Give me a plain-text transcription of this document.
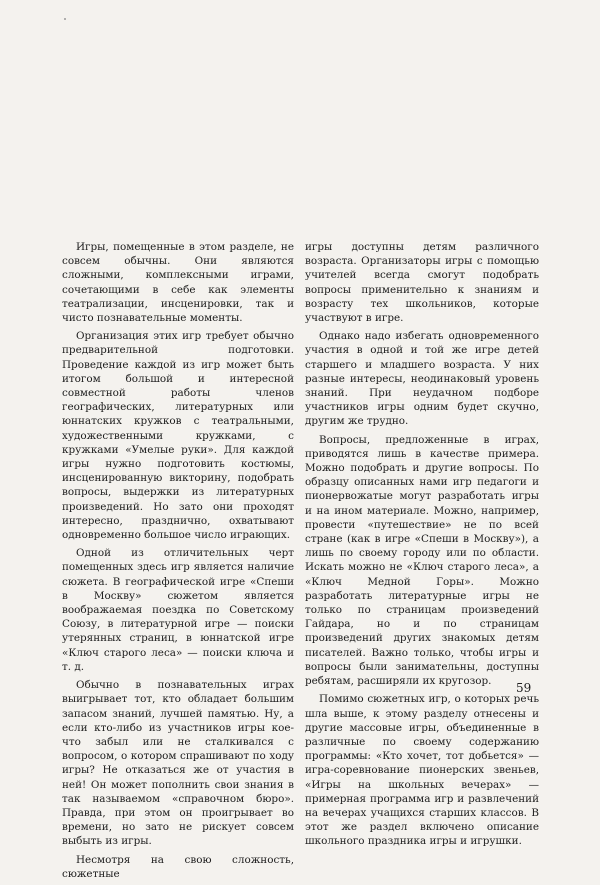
Игры, помещенные в этом разделе, не совсем обычны. Они являются сложными, комплексными играми, сочетающими в себе как элементы театрализации, инсценировки, так и чисто познавательные моменты.

Организация этих игр требует обычно предварительной подготовки. Проведение каждой из игр может быть итогом большой и интересной совместной работы членов географических, литературных или юннатских кружков с театральными, художественными кружками, с кружками «Умелые руки». Для каждой игры нужно подготовить костюмы, инсценированную викторину, подобрать вопросы, выдержки из литературных произведений. Но зато они проходят интересно, празднично, охватывают одновременно большое число играющих.

Одной из отличительных черт помещенных здесь игр является наличие сюжета. В географической игре «Спеши в Москву» сюжетом является воображаемая поездка по Советскому Союзу, в литературной игре — поиски утерянных страниц, в юннатской игре «Ключ старого леса» — поиски ключа и т. д.

Обычно в познавательных играх выигрывает тот, кто обладает большим запасом знаний, лучшей памятью. Ну, а если кто-либо из участников игры кое-что забыл или не сталкивался с вопросом, о котором спрашивают по ходу игры? Не отказаться же от участия в ней! Он может пополнить свои знания в так называемом «справочном бюро». Правда, при этом он проигрывает во времени, но зато не рискует совсем выбыть из игры.

Несмотря на свою сложность, сюжетные

игры доступны детям различного возраста. Организаторы игры с помощью учителей всегда смогут подобрать вопросы применительно к знаниям и возрасту тех школьников, которые участвуют в игре.

Однако надо избегать одновременного участия в одной и той же игре детей старшего и младшего возраста. У них разные интересы, неодинаковый уровень знаний. При неудачном подборе участников игры одним будет скучно, другим же трудно.

Вопросы, предложенные в играх, приводятся лишь в качестве примера. Можно подобрать и другие вопросы. По образцу описанных нами игр педагоги и пионервожатые могут разработать игры и на ином материале. Можно, например, провести «путешествие» не по всей стране (как в игре «Спеши в Москву»), а лишь по своему городу или по области. Искать можно не «Ключ старого леса», а «Ключ Медной Горы». Можно разработать литературные игры не только по страницам произведений Гайдара, но и по страницам произведений других знакомых детям писателей. Важно только, чтобы игры и вопросы были занимательны, доступны ребятам, расширяли их кругозор.

Помимо сюжетных игр, о которых речь шла выше, к этому разделу отнесены и другие массовые игры, объединенные в различные по своему содержанию программы: «Кто хочет, тот добьется» — игра-соревнование пионерских звеньев, «Игры на школьных вечерах» — примерная программа игр и развлечений на вечерах учащихся старших классов. В этот же раздел включено описание школьного праздника игры и игрушки.

59
